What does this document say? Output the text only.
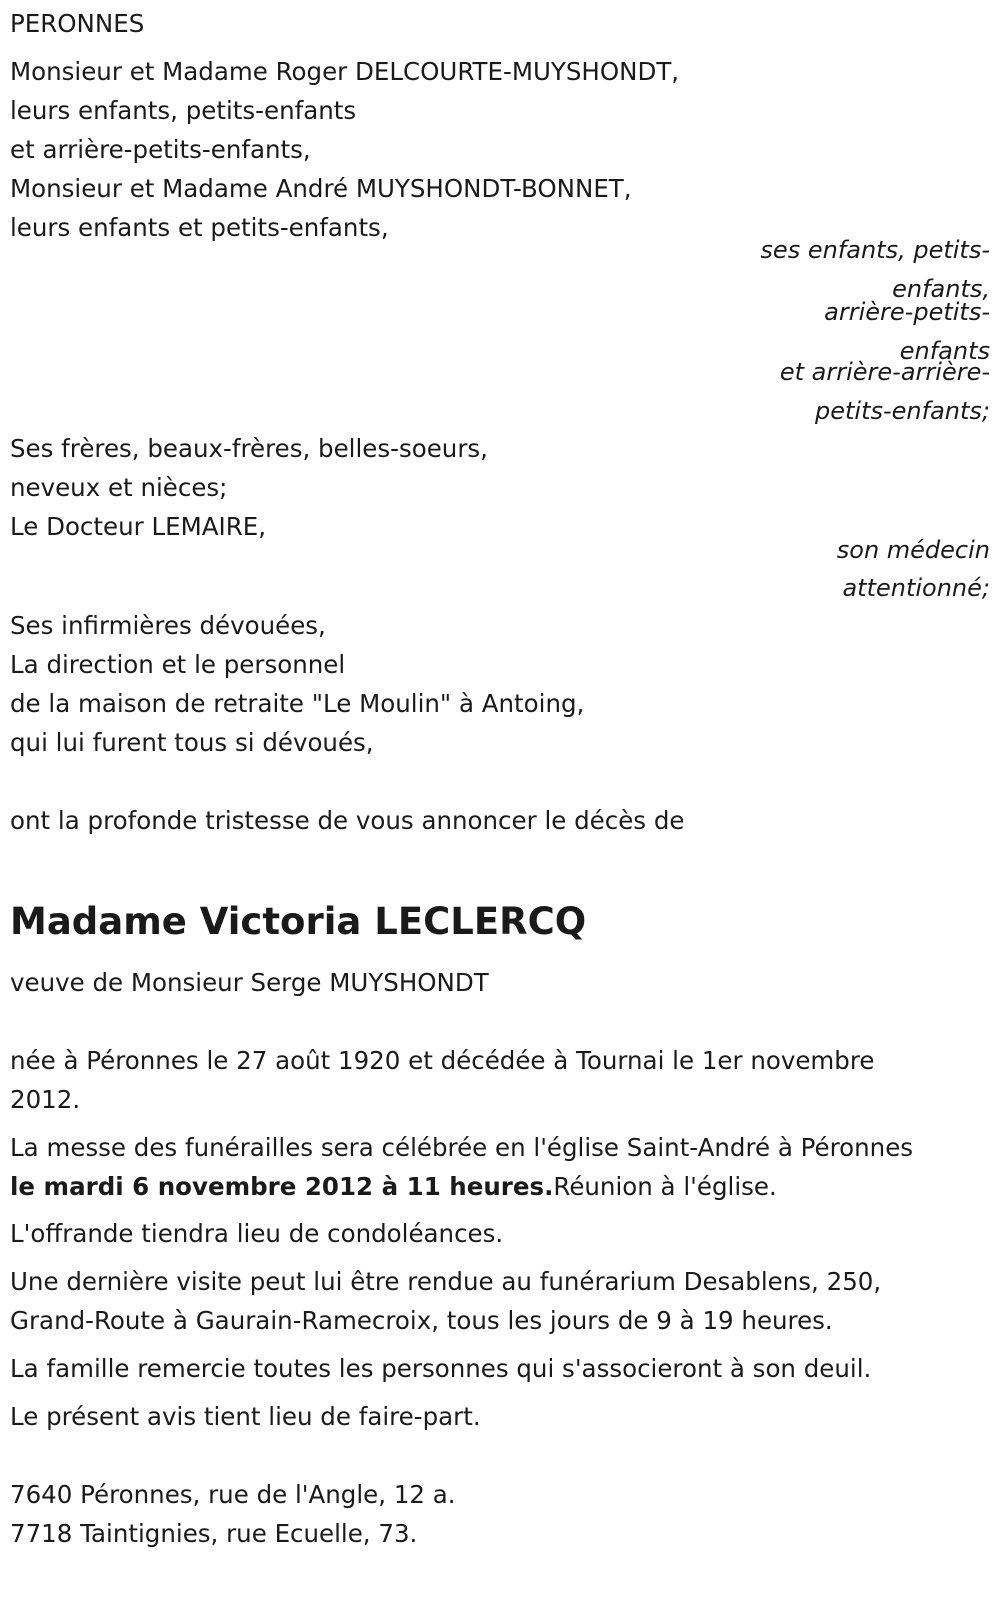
PERONNES

Monsieur et Madame Roger DELCOURTE-MUYSHONDT,

leurs enfants, petits-enfants

et arrière-petits-enfants,

Monsieur et Madame André MUYSHONDT-BONNET,

leurs enfants et petits-enfants,

ses enfants, petits-

enfants,

arrière-petits-

enfants

et arrière-arrière-

petits-enfants;

Ses frères, beaux-frères, belles-soeurs,

neveux et nièces;

Le Docteur LEMAIRE,

son médecin

attentionné;

Ses infirmières dévouées,

La direction et le personnel

de la maison de retraite "Le Moulin" à Antoing,

qui lui furent tous si dévoués,

ont la profonde tristesse de vous annoncer le décès de

Madame Victoria LECLERCQ

veuve de Monsieur Serge MUYSHONDT

née à Péronnes le 27 août 1920 et décédée à Tournai le 1er novembre

2012.

La messe des funérailles sera célébrée en l'église Saint-André à Péronnes

le mardi 6 novembre 2012 à 11 heures.Réunion à l'église.

L'offrande tiendra lieu de condoléances.

Une dernière visite peut lui être rendue au funérarium Desablens, 250,

Grand-Route à Gaurain-Ramecroix, tous les jours de 9 à 19 heures.

La famille remercie toutes les personnes qui s'associeront à son deuil.

Le présent avis tient lieu de faire-part.

7640 Péronnes, rue de l'Angle, 12 a.

7718 Taintignies, rue Ecuelle, 73.
